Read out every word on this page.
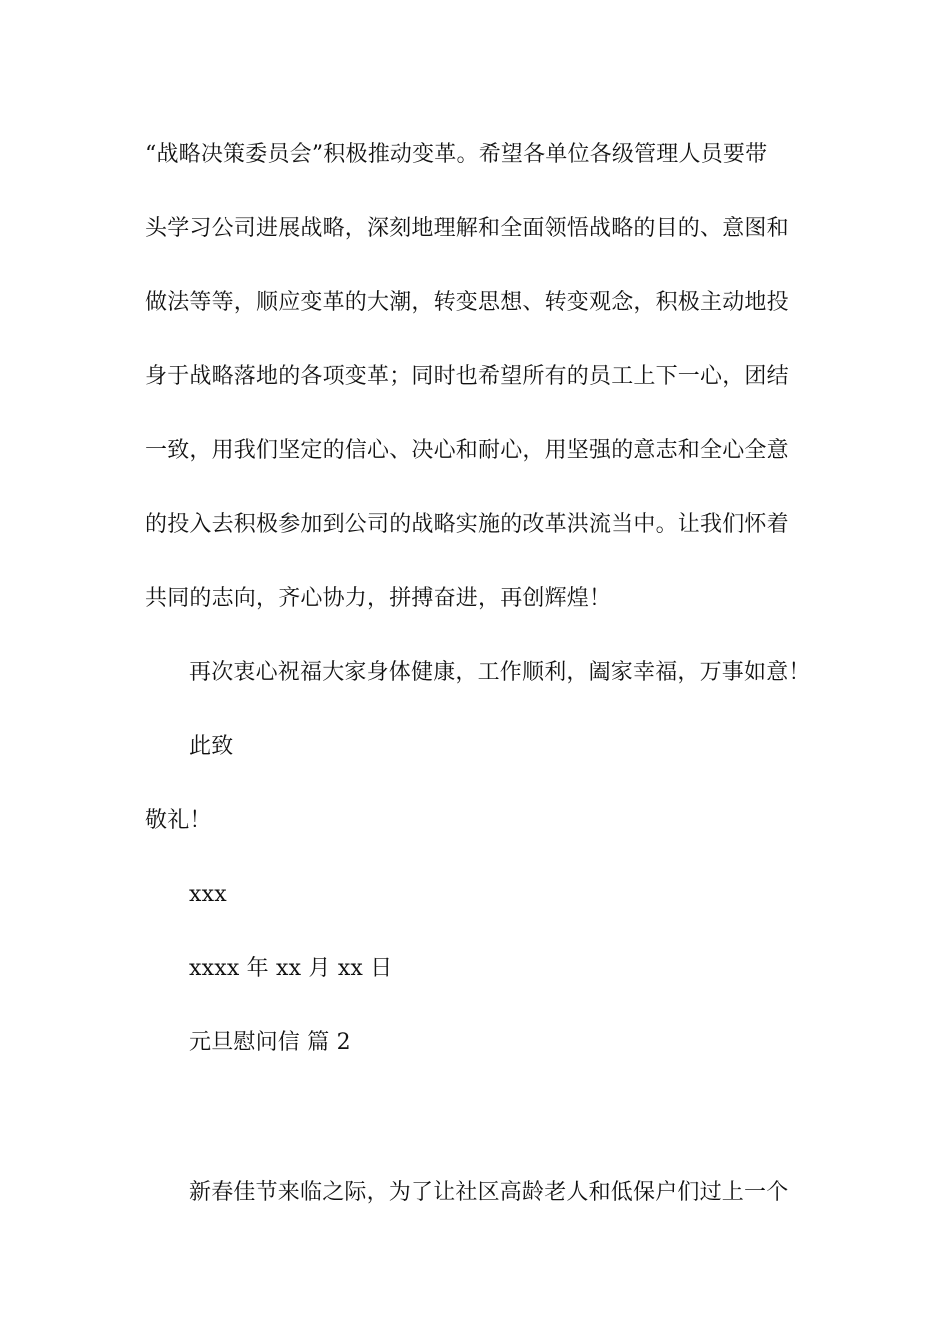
“战略决策委员会”积极推动变革。希望各单位各级管理人员要带
头学习公司进展战略，深刻地理解和全面领悟战略的目的、意图和
做法等等，顺应变革的大潮，转变思想、转变观念，积极主动地投
身于战略落地的各项变革；同时也希望所有的员工上下一心，团结
一致，用我们坚定的信心、决心和耐心，用坚强的意志和全心全意
的投入去积极参加到公司的战略实施的改革洪流当中。让我们怀着
共同的志向，齐心协力，拼搏奋进，再创辉煌！
再次衷心祝福大家身体健康，工作顺利，阖家幸福，万事如意！
此致
敬礼！
xxx
xxxx 年 xx 月 xx 日
元旦慰问信 篇 2
新春佳节来临之际，为了让社区高龄老人和低保户们过上一个
